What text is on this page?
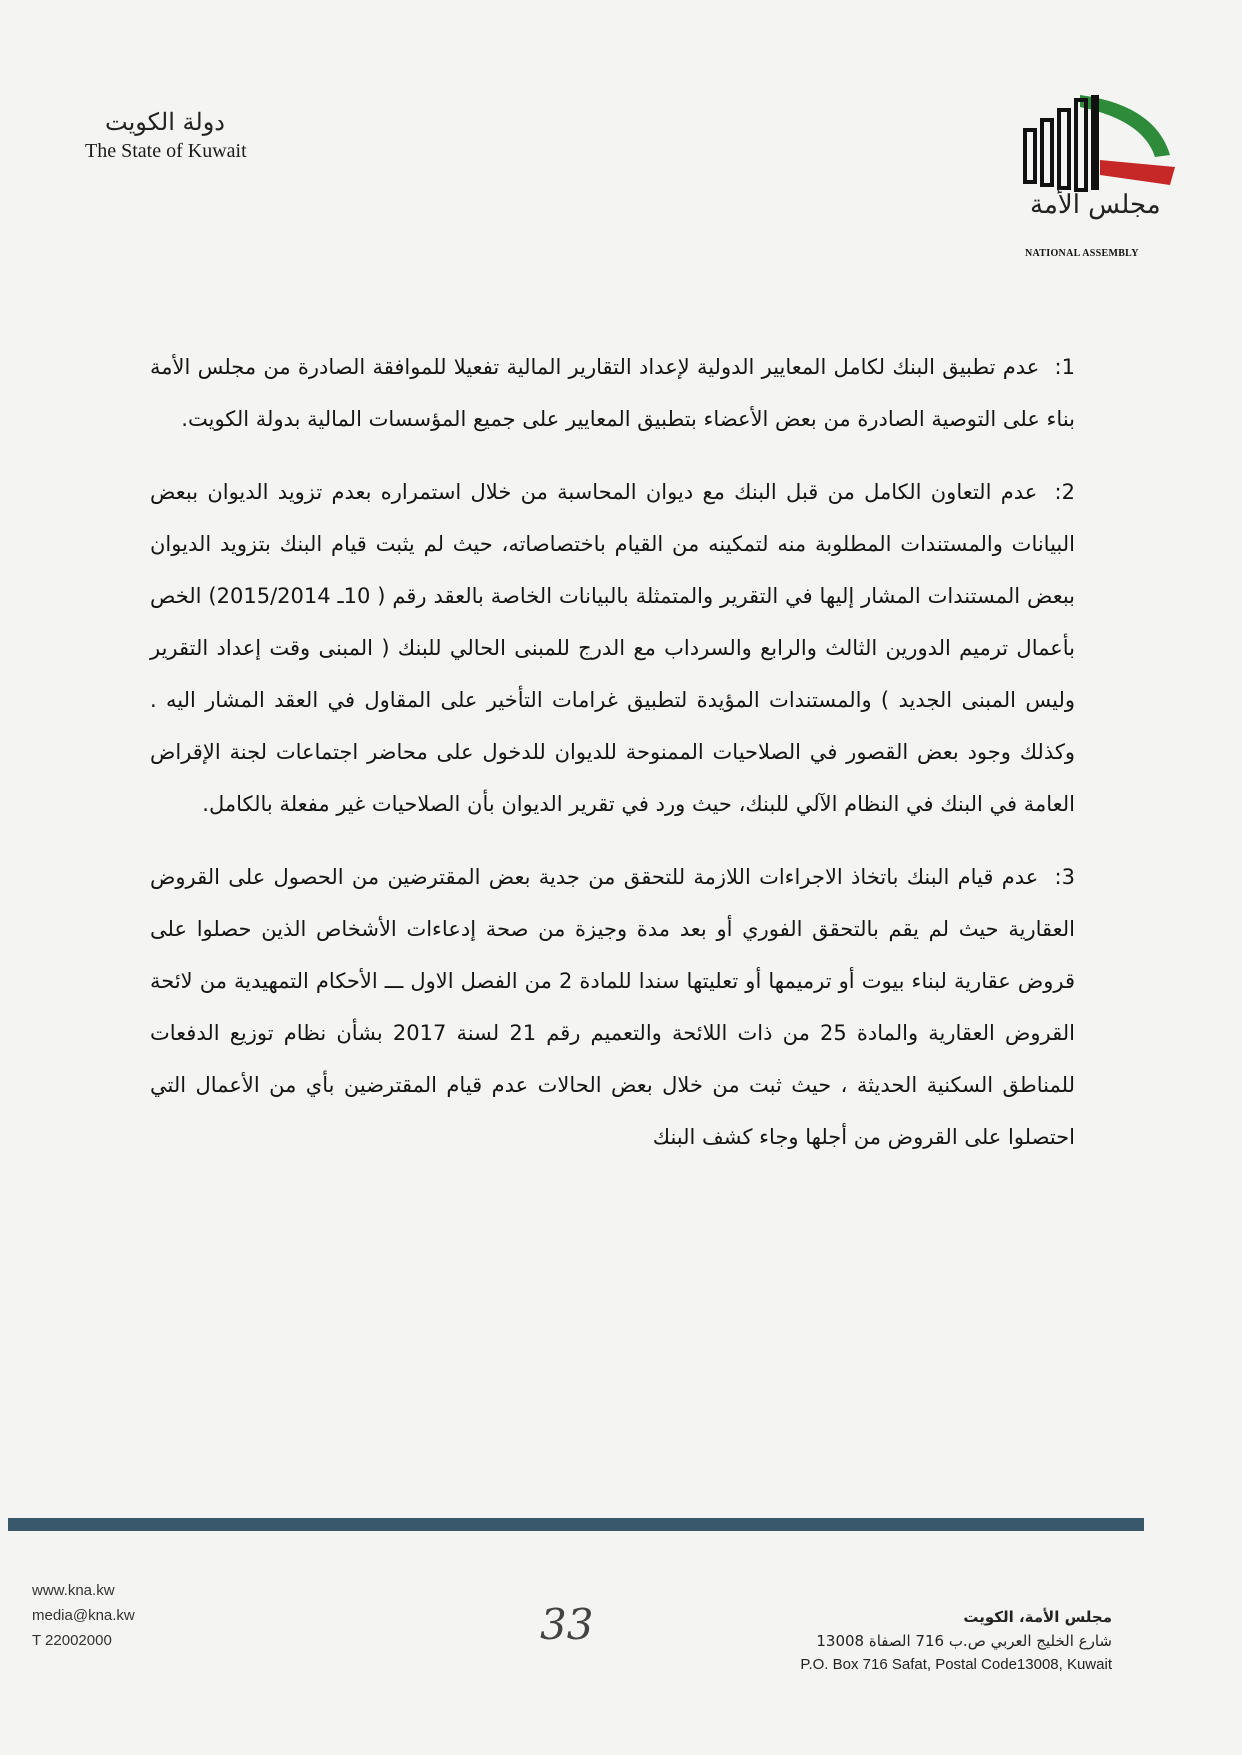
دولة الكويت
The State of Kuwait
مجلس الأمة
NATIONAL ASSEMBLY

1: عدم تطبيق البنك لكامل المعايير الدولية لإعداد التقارير المالية تفعيلا للموافقة الصادرة من مجلس الأمة بناء على التوصية الصادرة من بعض الأعضاء بتطبيق المعايير على جميع المؤسسات المالية بدولة الكويت.

2: عدم التعاون الكامل من قبل البنك مع ديوان المحاسبة من خلال استمراره بعدم تزويد الديوان ببعض البيانات والمستندات المطلوبة منه لتمكينه من القيام باختصاصاته، حيث لم يثبت قيام البنك بتزويد الديوان ببعض المستندات المشار إليها في التقرير والمتمثلة بالبيانات الخاصة بالعقد رقم ( 10ـ 2015/2014) الخص بأعمال ترميم الدورين الثالث والرابع والسرداب مع الدرج للمبنى الحالي للبنك ( المبنى وقت إعداد التقرير وليس المبنى الجديد ) والمستندات المؤيدة لتطبيق غرامات التأخير على المقاول في العقد المشار اليه . وكذلك وجود بعض القصور في الصلاحيات الممنوحة للديوان للدخول على محاضر اجتماعات لجنة الإقراض العامة في البنك في النظام الآلي للبنك، حيث ورد في تقرير الديوان بأن الصلاحيات غير مفعلة بالكامل.

3: عدم قيام البنك باتخاذ الاجراءات اللازمة للتحقق من جدية بعض المقترضين من الحصول على القروض العقارية حيث لم يقم بالتحقق الفوري أو بعد مدة وجيزة من صحة إدعاءات الأشخاص الذين حصلوا على قروض عقارية لبناء بيوت أو ترميمها أو تعليتها سندا للمادة 2 من الفصل الاول ـــ الأحكام التمهيدية من لائحة القروض العقارية والمادة 25 من ذات اللائحة والتعميم رقم 21 لسنة 2017 بشأن نظام توزيع الدفعات للمناطق السكنية الحديثة ، حيث ثبت من خلال بعض الحالات عدم قيام المقترضين بأي من الأعمال التي احتصلوا على القروض من أجلها وجاء كشف البنك

www.kna.kw
media@kna.kw
T 22002000	33	مجلس الأمة، الكويت
شارع الخليج العربي ص.ب 716 الصفاة 13008
P.O. Box 716 Safat, Postal Code13008, Kuwait
